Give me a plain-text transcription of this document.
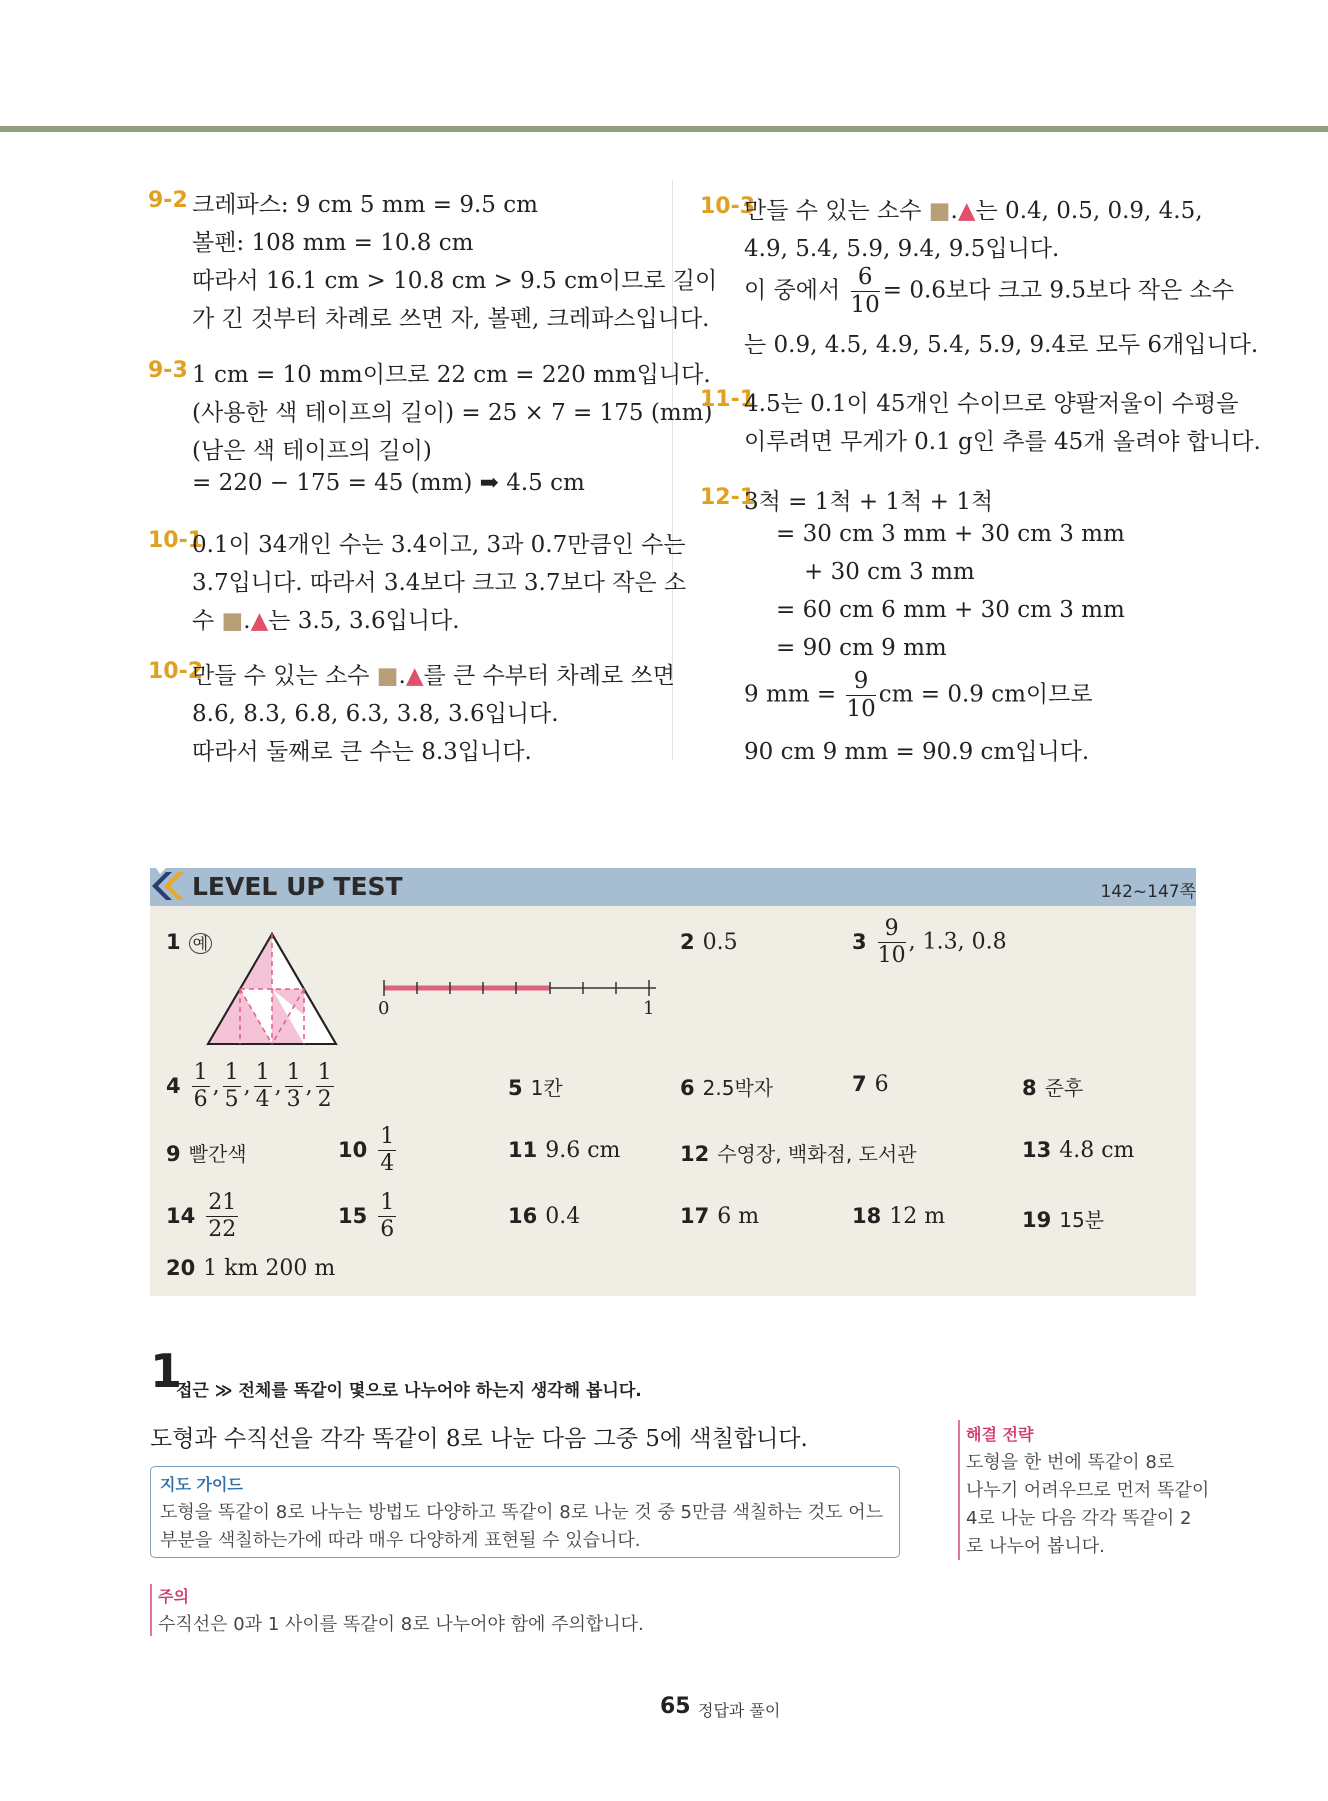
9-2 크레파스: 9 cm 5 mm = 9.5 cm
볼펜: 108 mm = 10.8 cm
따라서 16.1 cm > 10.8 cm > 9.5 cm이므로 길이
가 긴 것부터 차례로 쓰면 자, 볼펜, 크레파스입니다.
9-3 1 cm = 10 mm이므로 22 cm = 220 mm입니다.
(사용한 색 테이프의 길이) = 25 × 7 = 175 (mm)
(남은 색 테이프의 길이)
= 220 − 175 = 45 (mm) ➡ 4.5 cm
10-1
0.1이 34개인 수는 3.4이고, 3과 0.7만큼인 수는
3.7입니다. 따라서 3.4보다 크고 3.7보다 작은 소
수 ■.▲는 3.5, 3.6입니다.
10-2
만들 수 있는 소수 ■.▲를 큰 수부터 차례로 쓰면
8.6, 8.3, 6.8, 6.3, 3.8, 3.6입니다.
따라서 둘째로 큰 수는 8.3입니다.
10-3
만들 수 있는 소수 ■.▲는 0.4, 0.5, 0.9, 4.5,
4.9, 5.4, 5.9, 9.4, 9.5입니다.
이 중에서 $\frac{6}{10} = 0.6$보다 크고 9.5보다 작은 소수
는 0.9, 4.5, 4.9, 5.4, 5.9, 9.4로 모두 6개입니다.
11-1
4.5는 0.1이 45개인 수이므로 양팔저울이 수평을
이루려면 무게가 0.1 g인 추를 45개 올려야 합니다.
12-1
3척 = 1척 + 1척 + 1척
= 30 cm 3 mm + 30 cm 3 mm
+ 30 cm 3 mm
= 60 cm 6 mm + 30 cm 3 mm
= 90 cm 9 mm
9 mm = $\frac{9}{10}$ cm = 0.9 cm이므로
90 cm 9 mm = 90.9 cm입니다.
LEVEL UP TEST	142~147쪽
1 예
0	1
2 0.5	$3 \frac{9}{10}$ , 1.3, 0.8
$4 \frac{1}{6}$ , $\frac{1}{5}$ , $\frac{1}{4}$ , $\frac{1}{3}$ , $\frac{1}{2}$	5 1칸	6 2.5박자	7 6	8 준후
9 빨간색	$10 \frac{1}{4}$	11 9.6 cm	12 수영장, 백화점, 도서관	13 4.8 cm
$14 \frac{21}{22}$	$15 \frac{1}{6}$	16 0.4	17 6 m	18 12 m	19 15분
20 1 km 200 m
1
접근 ≫ 전체를 똑같이 몇으로 나누어야 하는지 생각해 봅니다.
도형과 수직선을 각각 똑같이 8로 나눈 다음 그중 5에 색칠합니다.
지도 가이드
도형을 똑같이 8로 나누는 방법도 다양하고 똑같이 8로 나눈 것 중 5만큼 색칠하는 것도 어느
부분을 색칠하는가에 따라 매우 다양하게 표현될 수 있습니다.
주의
수직선은 0과 1 사이를 똑같이 8로 나누어야 함에 주의합니다.
해결 전략
도형을 한 번에 똑같이 8로
나누기 어려우므로 먼저 똑같이
4로 나눈 다음 각각 똑같이 2
로 나누어 봅니다.
65 정답과 풀이
